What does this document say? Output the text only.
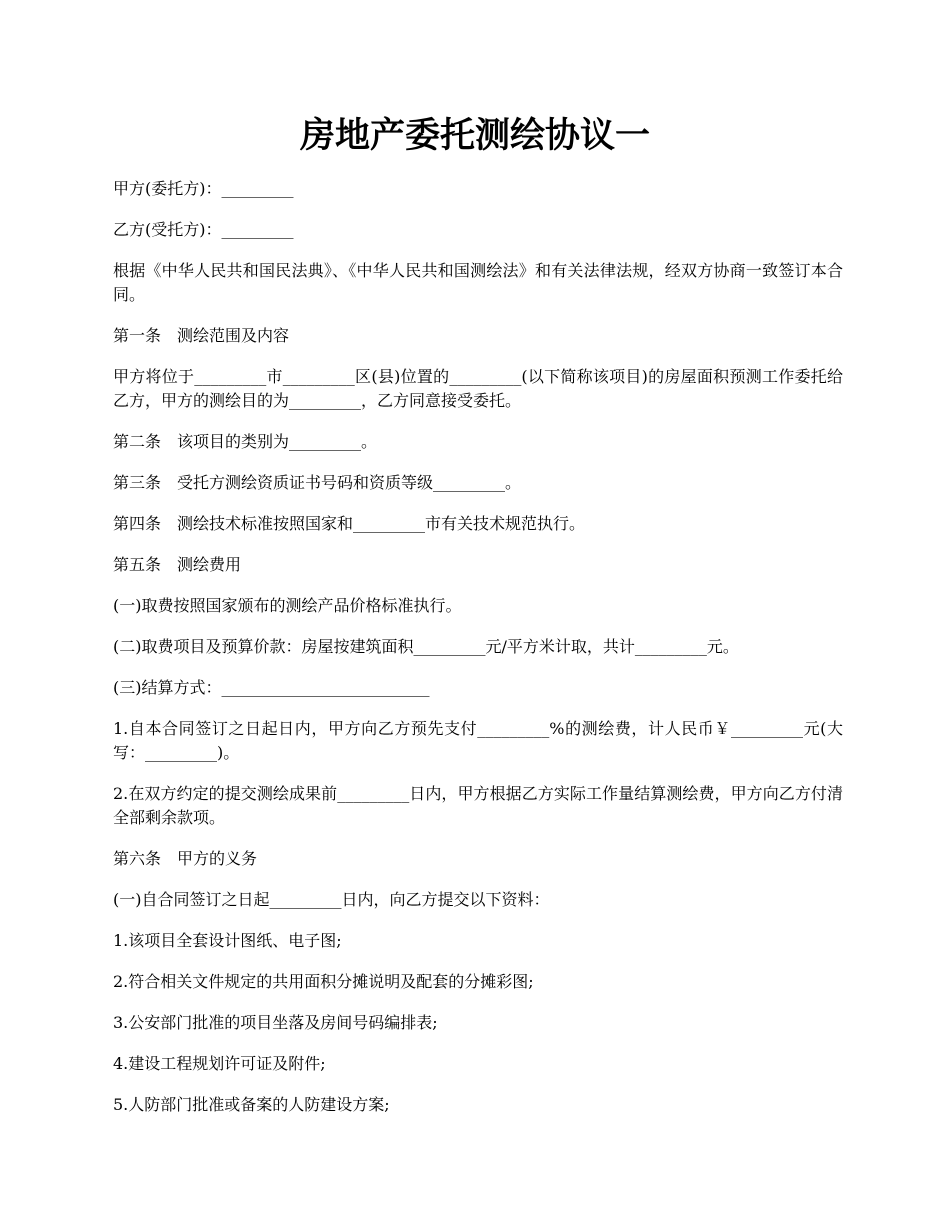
房地产委托测绘协议一

甲方(委托方)：_________

乙方(受托方)：_________

根据《中华人民共和国民法典》、《中华人民共和国测绘法》和有关法律法规，经双方协商一致签订本合同。

第一条　测绘范围及内容

甲方将位于_________市_________区(县)位置的_________(以下简称该项目)的房屋面积预测工作委托给乙方，甲方的测绘目的为_________，乙方同意接受委托。

第二条　该项目的类别为_________。

第三条　受托方测绘资质证书号码和资质等级_________。

第四条　测绘技术标准按照国家和_________市有关技术规范执行。

第五条　测绘费用

(一)取费按照国家颁布的测绘产品价格标准执行。

(二)取费项目及预算价款：房屋按建筑面积_________元/平方米计取，共计_________元。

(三)结算方式：__________________________

1.自本合同签订之日起日内，甲方向乙方预先支付_________%的测绘费，计人民币￥_________元(大写：_________)。

2.在双方约定的提交测绘成果前_________日内，甲方根据乙方实际工作量结算测绘费，甲方向乙方付清全部剩余款项。

第六条　甲方的义务

(一)自合同签订之日起_________日内，向乙方提交以下资料：

1.该项目全套设计图纸、电子图;

2.符合相关文件规定的共用面积分摊说明及配套的分摊彩图;

3.公安部门批准的项目坐落及房间号码编排表;

4.建设工程规划许可证及附件;

5.人防部门批准或备案的人防建设方案;
